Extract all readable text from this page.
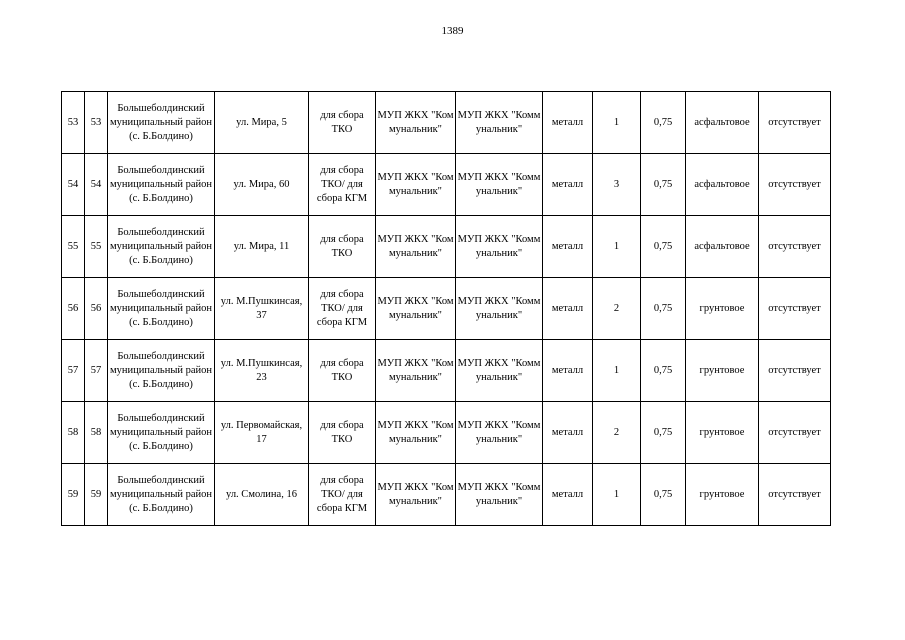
1389
53	53	Большеболдинский муниципальный район (с. Б.Болдино)	ул. Мира, 5	для сбора ТКО	МУП ЖКХ "Коммунальник"	МУП ЖКХ "Коммунальник"	металл	1	0,75	асфальтовое	отсутствует
54	54	Большеболдинский муниципальный район (с. Б.Болдино)	ул. Мира, 60	для сбора ТКО/ для сбора КГМ	МУП ЖКХ "Коммунальник"	МУП ЖКХ "Коммунальник"	металл	3	0,75	асфальтовое	отсутствует
55	55	Большеболдинский муниципальный район (с. Б.Болдино)	ул. Мира, 11	для сбора ТКО	МУП ЖКХ "Коммунальник"	МУП ЖКХ "Коммунальник"	металл	1	0,75	асфальтовое	отсутствует
56	56	Большеболдинский муниципальный район (с. Б.Болдино)	ул. М.Пушкинсая, 37	для сбора ТКО/ для сбора КГМ	МУП ЖКХ "Коммунальник"	МУП ЖКХ "Коммунальник"	металл	2	0,75	грунтовое	отсутствует
57	57	Большеболдинский муниципальный район (с. Б.Болдино)	ул. М.Пушкинсая, 23	для сбора ТКО	МУП ЖКХ "Коммунальник"	МУП ЖКХ "Коммунальник"	металл	1	0,75	грунтовое	отсутствует
58	58	Большеболдинский муниципальный район (с. Б.Болдино)	ул. Первомайская, 17	для сбора ТКО	МУП ЖКХ "Коммунальник"	МУП ЖКХ "Коммунальник"	металл	2	0,75	грунтовое	отсутствует
59	59	Большеболдинский муниципальный район (с. Б.Болдино)	ул. Смолина, 16	для сбора ТКО/ для сбора КГМ	МУП ЖКХ "Коммунальник"	МУП ЖКХ "Коммунальник"	металл	1	0,75	грунтовое	отсутствует
